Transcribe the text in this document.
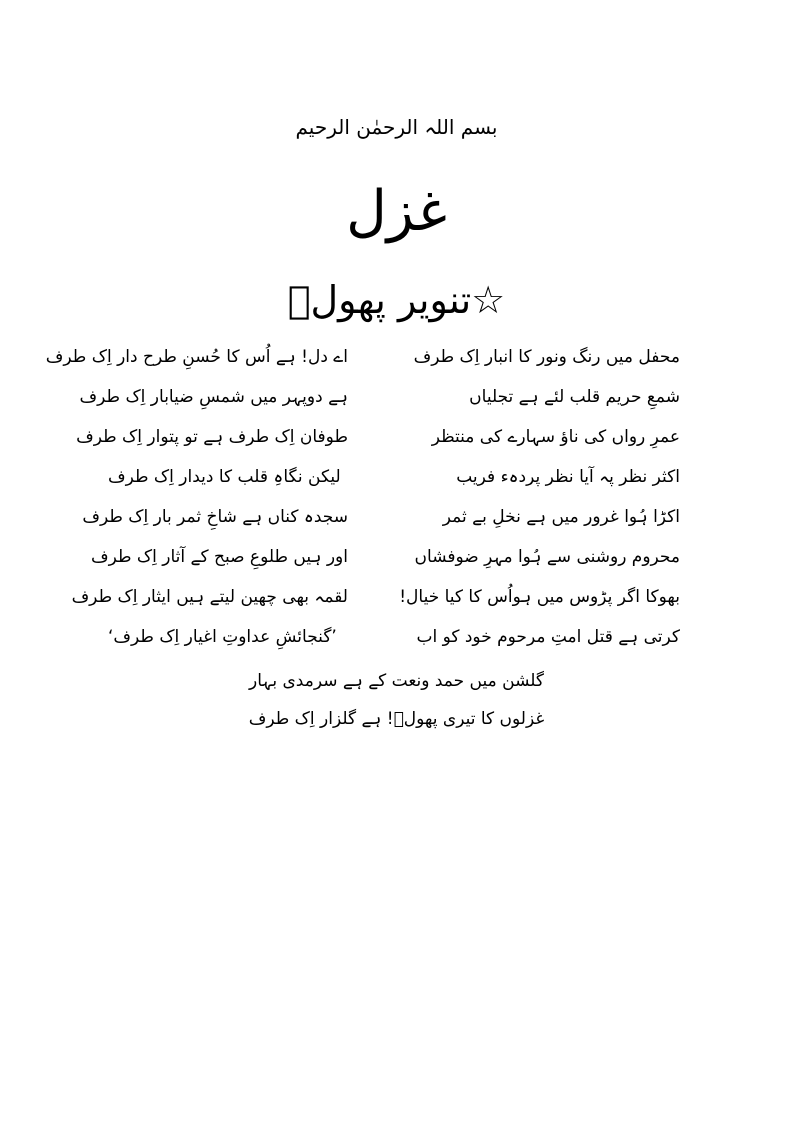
بسم اللہ الرحمٰن الرحیم

غزل

☆تنویر پھولؔ

محفل میں رنگ ونور کا انبار اِک طرف
اے دل! ہے اُس کا حُسنِ طرح دار اِک طرف
شمعِ حریم قلب لئے ہے تجلیاں
ہے دوپہر میں شمسِ ضیابار اِک طرف
عمرِ رواں کی ناؤ سہارے کی منتظر
طوفان اِک طرف ہے تو پتوار اِک طرف
اکثر نظر پہ آیا نظر پردہء فریب
لیکن نگاہِ قلب کا دیدار اِک طرف
اکڑا ہُوا غرور میں ہے نخلِ بے ثمر
سجدہ کناں ہے شاخِ ثمر بار اِک طرف
محروم روشنی سے ہُوا مہرِ ضوفشاں
اور ہیں طلوعِ صبح کے آثار اِک طرف
بھوکا اگر پڑوس میں ہواُس کا کیا خیال!
لقمہ بھی چھین لیتے ہیں ایثار اِک طرف
کرتی ہے قتل امتِ مرحوم خود کو اب
’گنجائشِ عداوتِ اغیار اِک طرف‘
گلشن میں حمد ونعت کے ہے سرمدی بہار
غزلوں کا تیری پھولؔ! ہے گلزار اِک طرف
